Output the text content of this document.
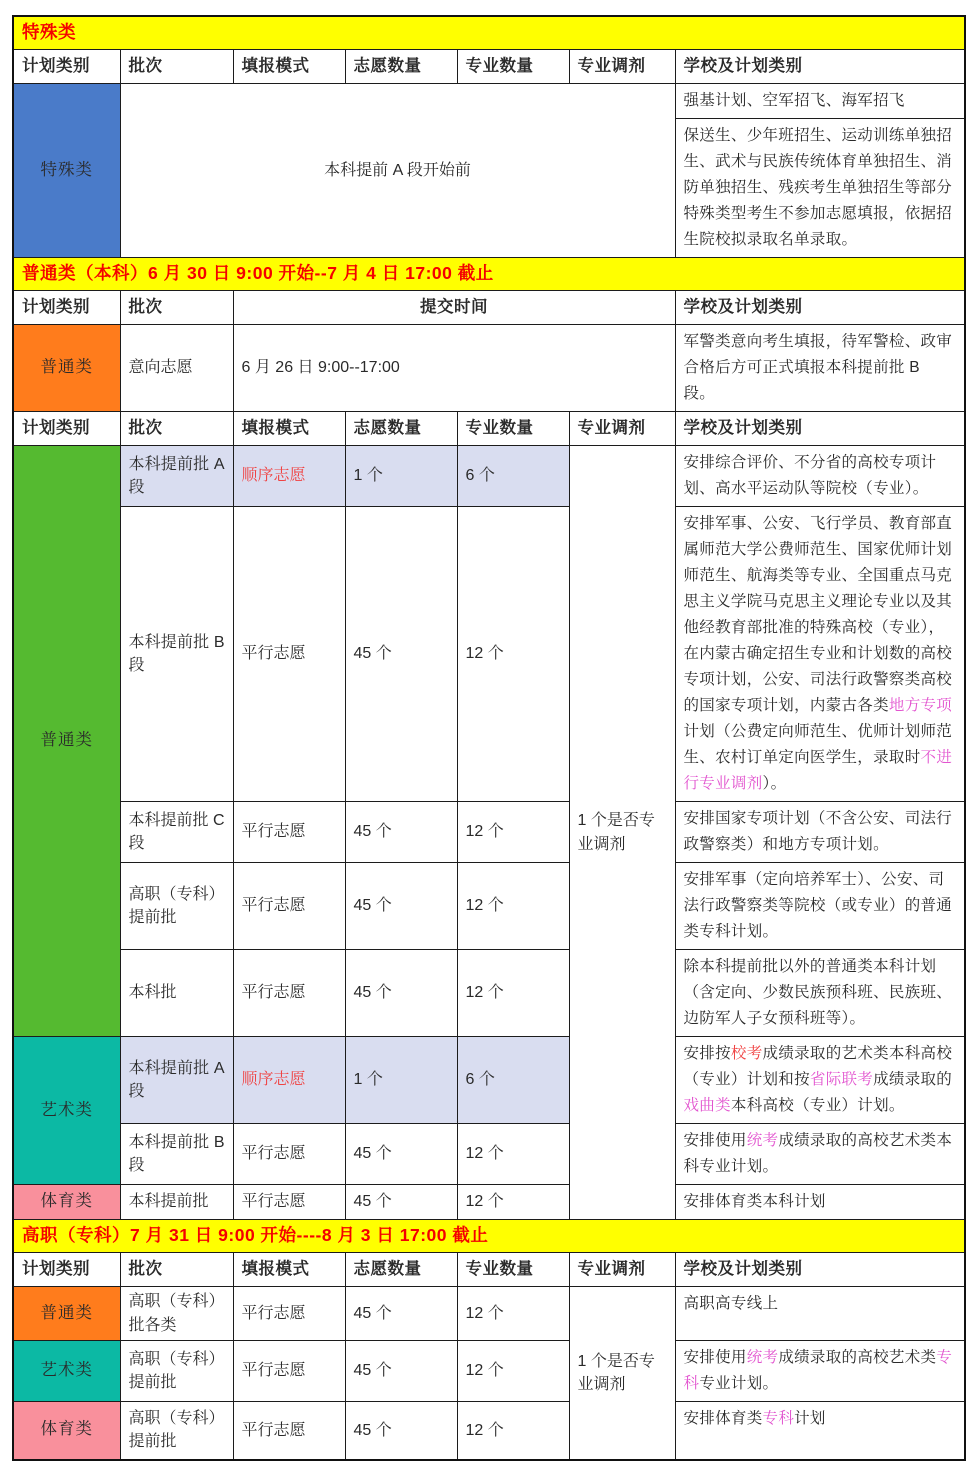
特殊类						
计划类别	批次	填报模式	志愿数量	专业数量	专业调剂	学校及计划类别
特殊类	本科提前 A 段开始前					强基计划、空军招飞、海军招飞
						保送生、少年班招生、运动训练单独招生、武术与民族传统体育单独招生、消防单独招生、残疾考生单独招生等部分特殊类型考生不参加志愿填报，依据招生院校拟录取名单录取。
普通类（本科）6 月 30 日 9:00 开始--7 月 4 日 17:00 截止						
计划类别	批次	提交时间				学校及计划类别
普通类	意向志愿	6 月 26 日 9:00--17:00				军警类意向考生填报，待军警检、政审合格后方可正式填报本科提前批 B 段。
计划类别	批次	填报模式	志愿数量	专业数量	专业调剂	学校及计划类别
普通类	本科提前批 A 段	顺序志愿	1 个	6 个	1 个是否专业调剂	安排综合评价、不分省的高校专项计划、高水平运动队等院校（专业）。
	本科提前批 B 段	平行志愿	45 个	12 个		安排军事、公安、飞行学员、教育部直属师范大学公费师范生、国家优师计划师范生、航海类等专业、全国重点马克思主义学院马克思主义理论专业以及其他经教育部批准的特殊高校（专业），在内蒙古确定招生专业和计划数的高校专项计划，公安、司法行政警察类高校的国家专项计划，内蒙古各类地方专项计划（公费定向师范生、优师计划师范生、农村订单定向医学生，录取时不进行专业调剂）。
	本科提前批 C 段	平行志愿	45 个	12 个		安排国家专项计划（不含公安、司法行政警察类）和地方专项计划。
	高职（专科）提前批	平行志愿	45 个	12 个		安排军事（定向培养军士）、公安、司法行政警察类等院校（或专业）的普通类专科计划。
	本科批	平行志愿	45 个	12 个		除本科提前批以外的普通类本科计划（含定向、少数民族预科班、民族班、边防军人子女预科班等）。
艺术类	本科提前批 A 段	顺序志愿	1 个	6 个		安排按校考成绩录取的艺术类本科高校（专业）计划和按省际联考成绩录取的戏曲类本科高校（专业）计划。
	本科提前批 B 段	平行志愿	45 个	12 个		安排使用统考成绩录取的高校艺术类本科专业计划。
体育类	本科提前批	平行志愿	45 个	12 个		安排体育类本科计划
高职（专科）7 月 31 日 9:00 开始----8 月 3 日 17:00 截止						
计划类别	批次	填报模式	志愿数量	专业数量	专业调剂	学校及计划类别
普通类	高职（专科）批各类	平行志愿	45 个	12 个	1 个是否专业调剂	高职高专线上
艺术类	高职（专科）提前批	平行志愿	45 个	12 个		安排使用统考成绩录取的高校艺术类专科专业计划。
体育类	高职（专科）提前批	平行志愿	45 个	12 个		安排体育类专科计划
